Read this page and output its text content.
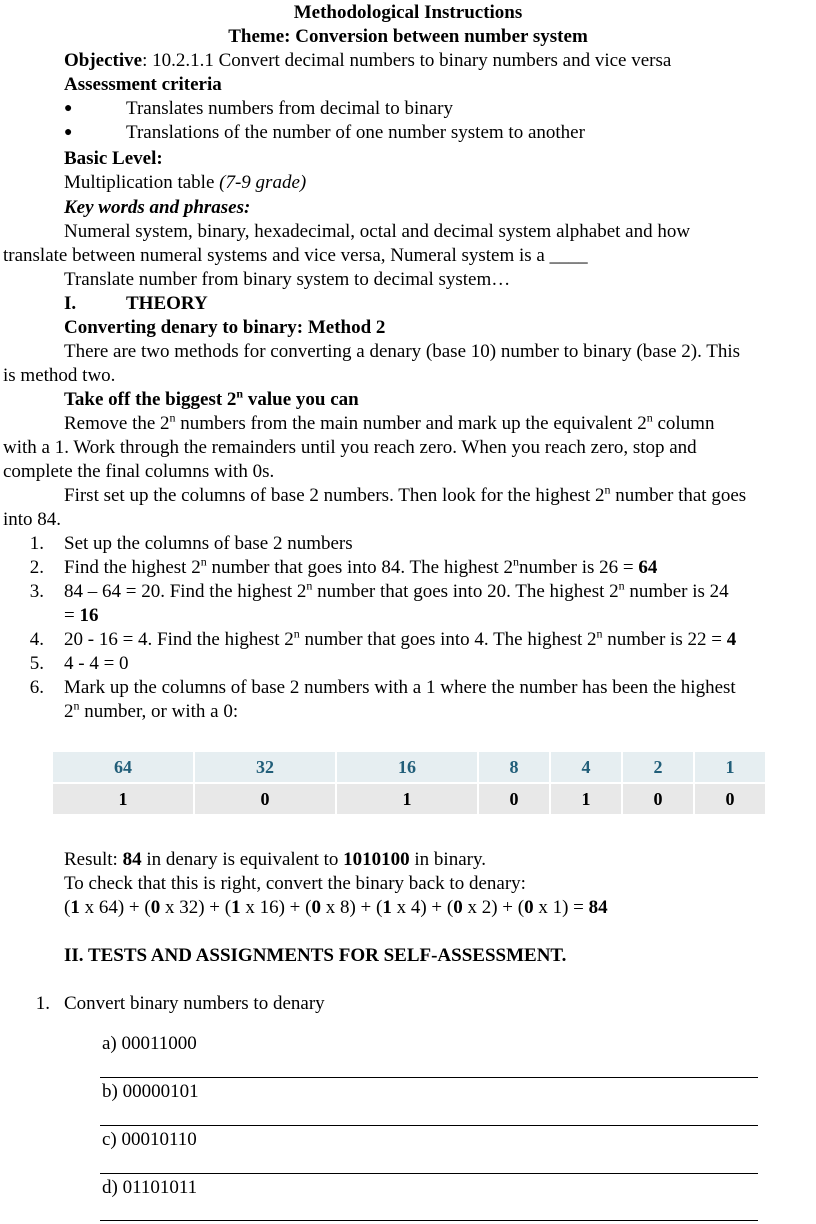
Methodological Instructions
Theme: Conversion between number system
Objective: 10.2.1.1 Convert decimal numbers to binary numbers and vice versa
Assessment criteria
●	Translates numbers from decimal to binary
●	Translations of the number of one number system to another
Basic Level:
Multiplication table (7-9 grade)
Key words and phrases:
Numeral system, binary, hexadecimal, octal and decimal system alphabet and how
translate between numeral systems and vice versa, Numeral system is a ____
Translate number from binary system to decimal system…
I.	THEORY
Converting denary to binary: Method 2
There are two methods for converting a denary (base 10) number to binary (base 2). This
is method two.
Take off the biggest 2$^n$ value you can
Remove the 2$^n$ numbers from the main number and mark up the equivalent 2$^n$ column
with a 1. Work through the remainders until you reach zero. When you reach zero, stop and
complete the final columns with 0s.
First set up the columns of base 2 numbers. Then look for the highest 2$^n$ number that goes
into 84.
1. Set up the columns of base 2 numbers
2. Find the highest 2$^n$ number that goes into 84. The highest 2$^n$number is 26 = 64
3. 84 – 64 = 20. Find the highest 2$^n$ number that goes into 20. The highest 2$^n$ number is 24
= 16
4. 20 - 16 = 4. Find the highest 2$^n$ number that goes into 4. The highest 2$^n$ number is 22 = 4
5. 4 - 4 = 0
6. Mark up the columns of base 2 numbers with a 1 where the number has been the highest
2$^n$ number, or with a 0:
64	32	16	8	4	2	1
1	0	1	0	1	0	0
Result: 84 in denary is equivalent to 1010100 in binary.
To check that this is right, convert the binary back to denary:
(1 x 64) + (0 x 32) + (1 x 16) + (0 x 8) + (1 x 4) + (0 x 2) + (0 x 1) = 84
II. TESTS AND ASSIGNMENTS FOR SELF-ASSESSMENT.
1. Convert binary numbers to denary
a) 00011000
b) 00000101
c) 00010110
d) 01101011
